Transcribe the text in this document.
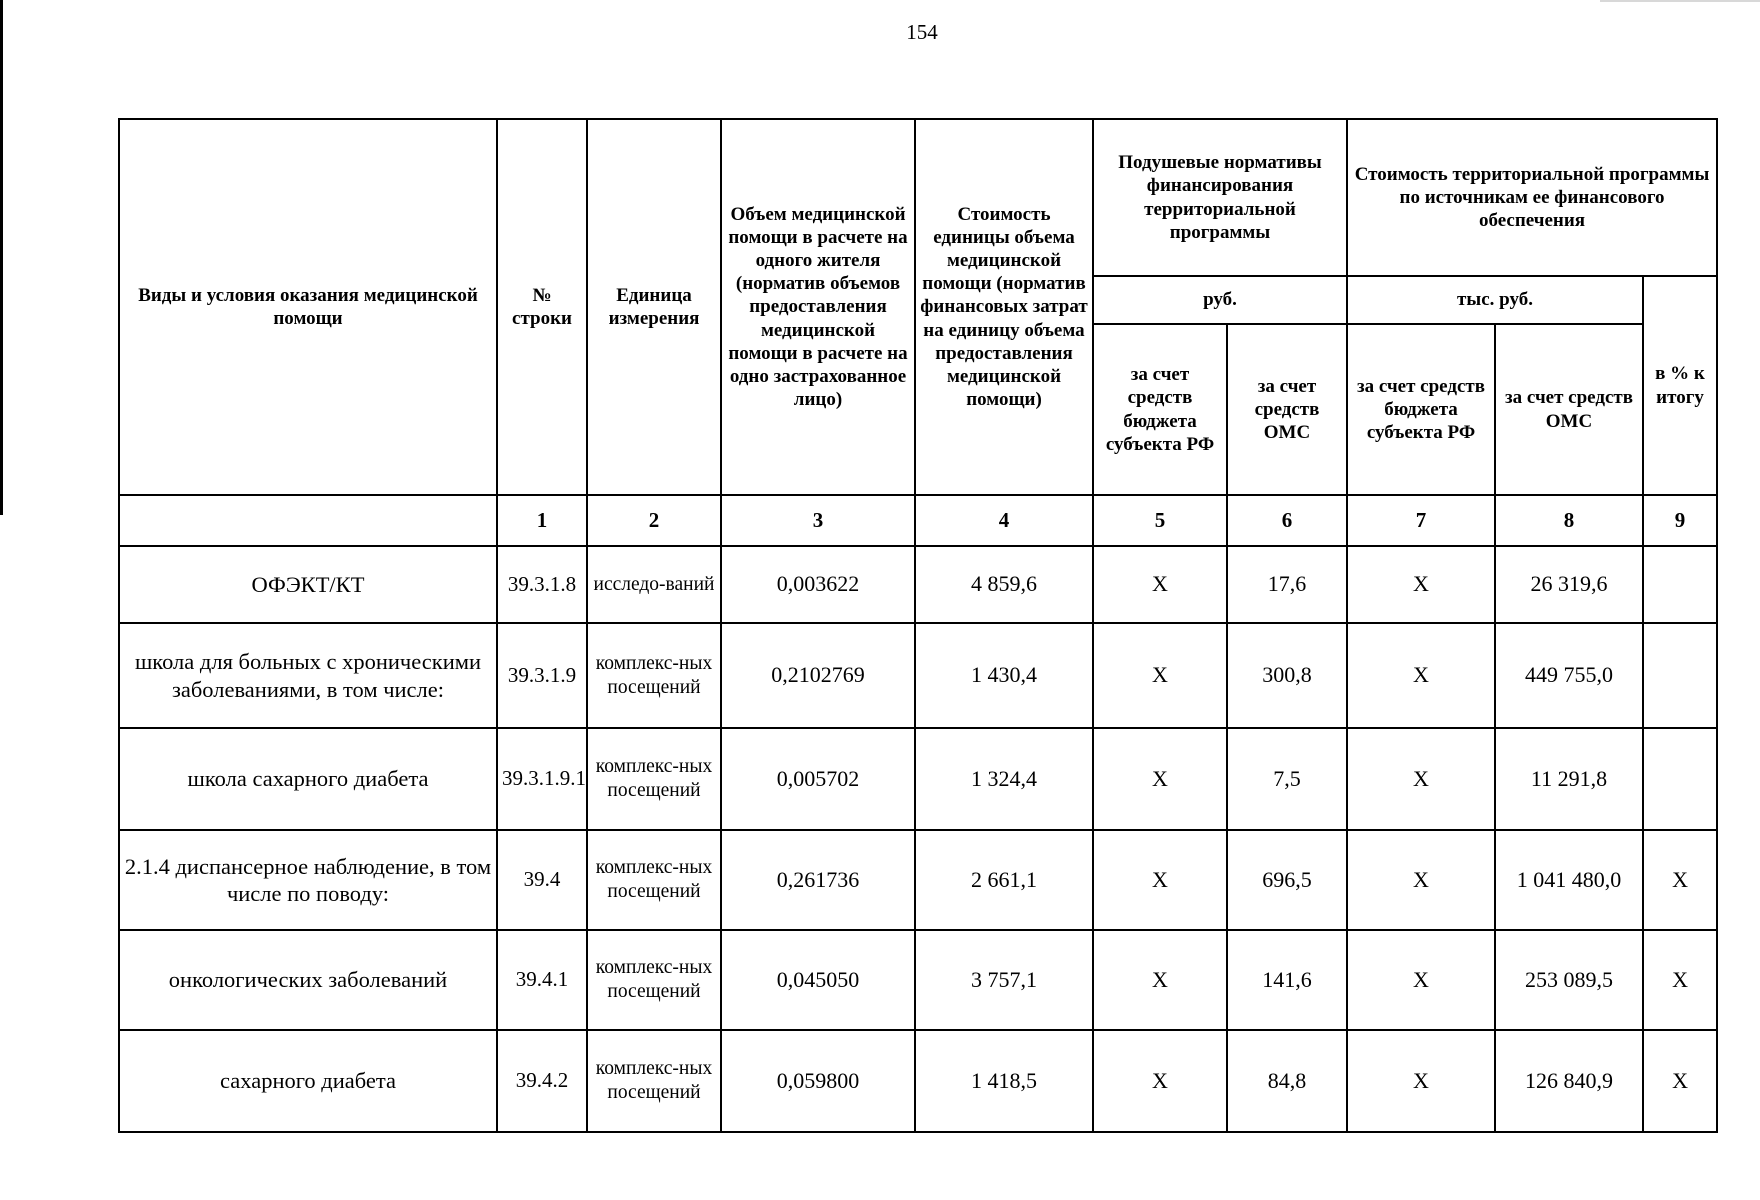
154
Виды и условия оказания медицинской помощи	№ строки	Единица измерения	Объем медицинской помощи в расчете на одного жителя (норматив объемов предоставления медицинской помощи в расчете на одно застрахованное лицо)	Стоимость единицы объема медицинской помощи (норматив финансовых затрат на единицу объема предоставления медицинской помощи)	Подушевые нормативы финансирования территориальной программы		Стоимость территориальной программы по источникам ее финансового обеспечения		
					руб.		тыс. руб.		в % к итогу
					за счет средств бюджета субъекта РФ	за счет средств ОМС	за счет средств бюджета субъекта РФ	за счет средств ОМС	
	1	2	3	4	5	6	7	8	9
ОФЭКТ/КТ	39.3.1.8	исследо-ваний	0,003622	4 859,6	X	17,6	X	26 319,6	
школа для больных с хроническими заболеваниями, в том числе:	39.3.1.9	комплекс-ных посещений	0,2102769	1 430,4	X	300,8	X	449 755,0	
школа сахарного диабета	39.3.1.9.1	комплекс-ных посещений	0,005702	1 324,4	X	7,5	X	11 291,8	
2.1.4 диспансерное наблюдение, в том числе по поводу:	39.4	комплекс-ных посещений	0,261736	2 661,1	X	696,5	X	1 041 480,0	X
онкологических заболеваний	39.4.1	комплекс-ных посещений	0,045050	3 757,1	X	141,6	X	253 089,5	X
сахарного диабета	39.4.2	комплекс-ных посещений	0,059800	1 418,5	X	84,8	X	126 840,9	X
